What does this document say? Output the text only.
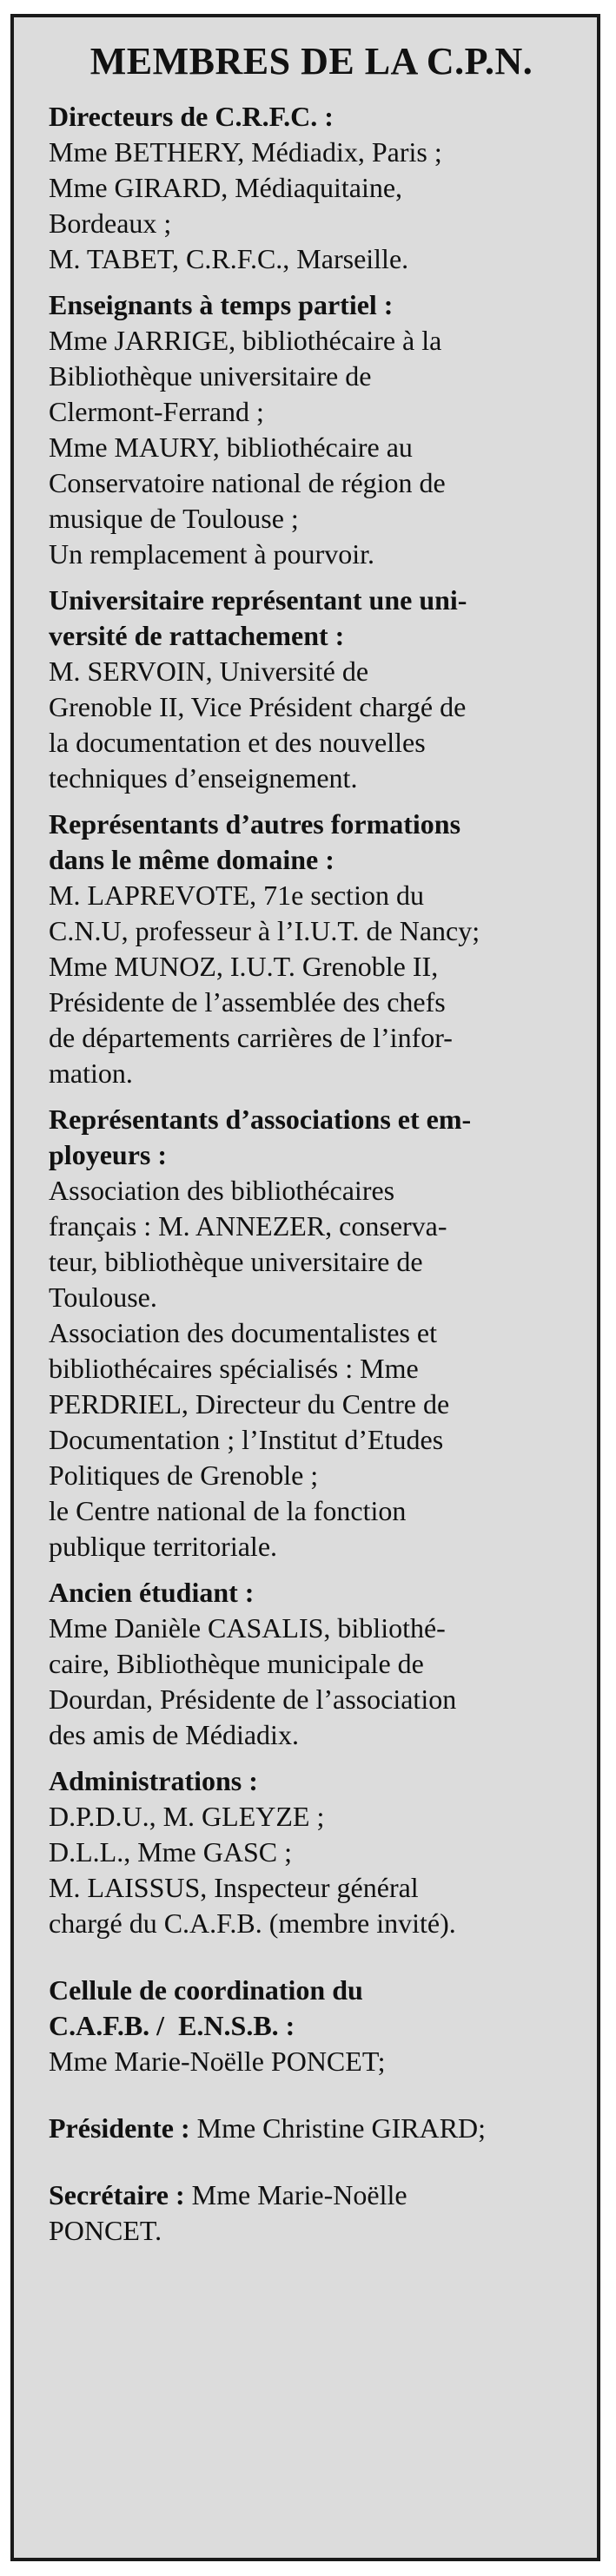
MEMBRES DE LA C.P.N.
Directeurs de C.R.F.C. :
Mme BETHERY, Médiadix, Paris ;
Mme GIRARD, Médiaquitaine,
Bordeaux ;
M. TABET, C.R.F.C., Marseille.
Enseignants à temps partiel :
Mme JARRIGE, bibliothécaire à la
Bibliothèque universitaire de
Clermont-Ferrand ;
Mme MAURY, bibliothécaire au
Conservatoire national de région de
musique de Toulouse ;
Un remplacement à pourvoir.
Universitaire représentant une uni-
versité de rattachement :
M. SERVOIN, Université de
Grenoble II, Vice Président chargé de
la documentation et des nouvelles
techniques d’enseignement.
Représentants d’autres formations
dans le même domaine :
M. LAPREVOTE, 71e section du
C.N.U, professeur à l’I.U.T. de Nancy;
Mme MUNOZ, I.U.T. Grenoble II,
Présidente de l’assemblée des chefs
de départements carrières de l’infor-
mation.
Représentants d’associations et em-
ployeurs :
Association des bibliothécaires
français : M. ANNEZER, conserva-
teur, bibliothèque universitaire de
Toulouse.
Association des documentalistes et
bibliothécaires spécialisés : Mme
PERDRIEL, Directeur du Centre de
Documentation ; l’Institut d’Etudes
Politiques de Grenoble ;
le Centre national de la fonction
publique territoriale.
Ancien étudiant :
Mme Danièle CASALIS, bibliothé-
caire, Bibliothèque municipale de
Dourdan, Présidente de l’association
des amis de Médiadix.
Administrations :
D.P.D.U., M. GLEYZE ;
D.L.L., Mme GASC ;
M. LAISSUS, Inspecteur général
chargé du C.A.F.B. (membre invité).
Cellule de coordination du
C.A.F.B. /  E.N.S.B. :
Mme Marie-Noëlle PONCET;
Présidente : Mme Christine GIRARD;
Secrétaire : Mme Marie-Noëlle
PONCET.
